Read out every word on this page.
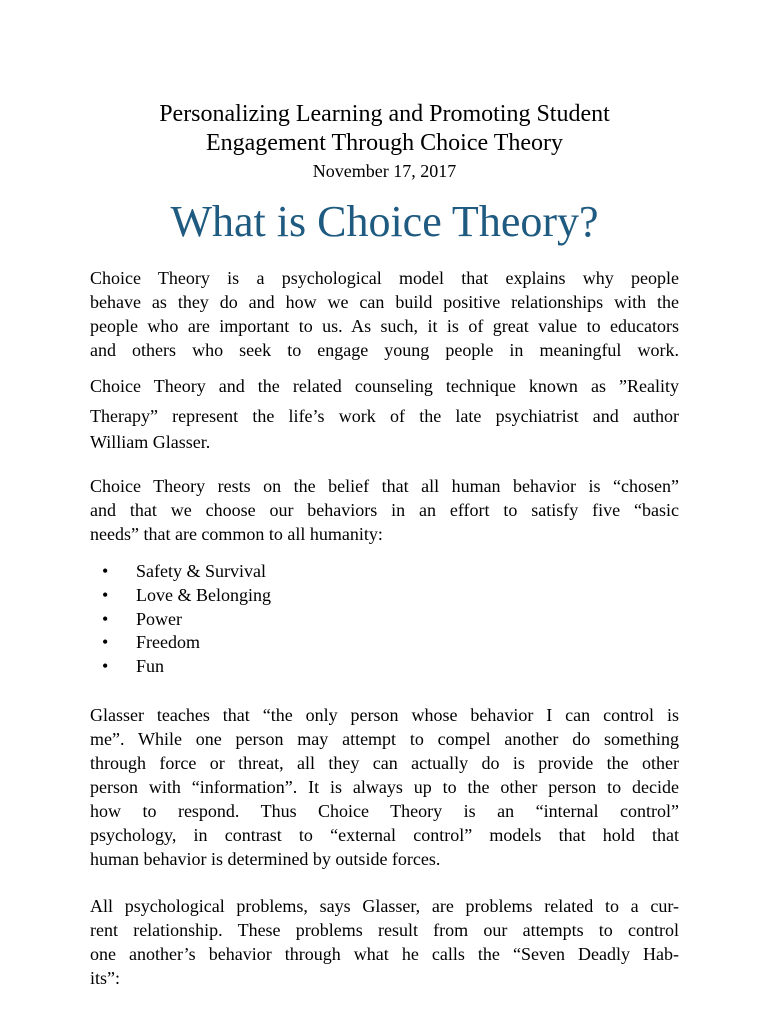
Personalizing Learning and Promoting Student
Engagement Through Choice Theory
November 17, 2017
What is Choice Theory?

Choice Theory is a psychological model that explains why people
behave as they do and how we can build positive relationships with the
people who are important to us. As such, it is of great value to educators
and others who seek to engage young people in meaningful work.

Choice Theory and the related counseling technique known as ”Reality
Therapy” represent the life’s work of the late psychiatrist and author
William Glasser.

Choice Theory rests on the belief that all human behavior is “chosen”
and that we choose our behaviors in an effort to satisfy five “basic
needs” that are common to all humanity:

• Safety & Survival
• Love & Belonging
• Power
• Freedom
• Fun

Glasser teaches that “the only person whose behavior I can control is
me”. While one person may attempt to compel another do something
through force or threat, all they can actually do is provide the other
person with “information”. It is always up to the other person to decide
how to respond. Thus Choice Theory is an “internal control”
psychology, in contrast to “external control” models that hold that
human behavior is determined by outside forces.

All psychological problems, says Glasser, are problems related to a cur-
rent relationship. These problems result from our attempts to control
one another’s behavior through what he calls the “Seven Deadly Hab-
its”:
